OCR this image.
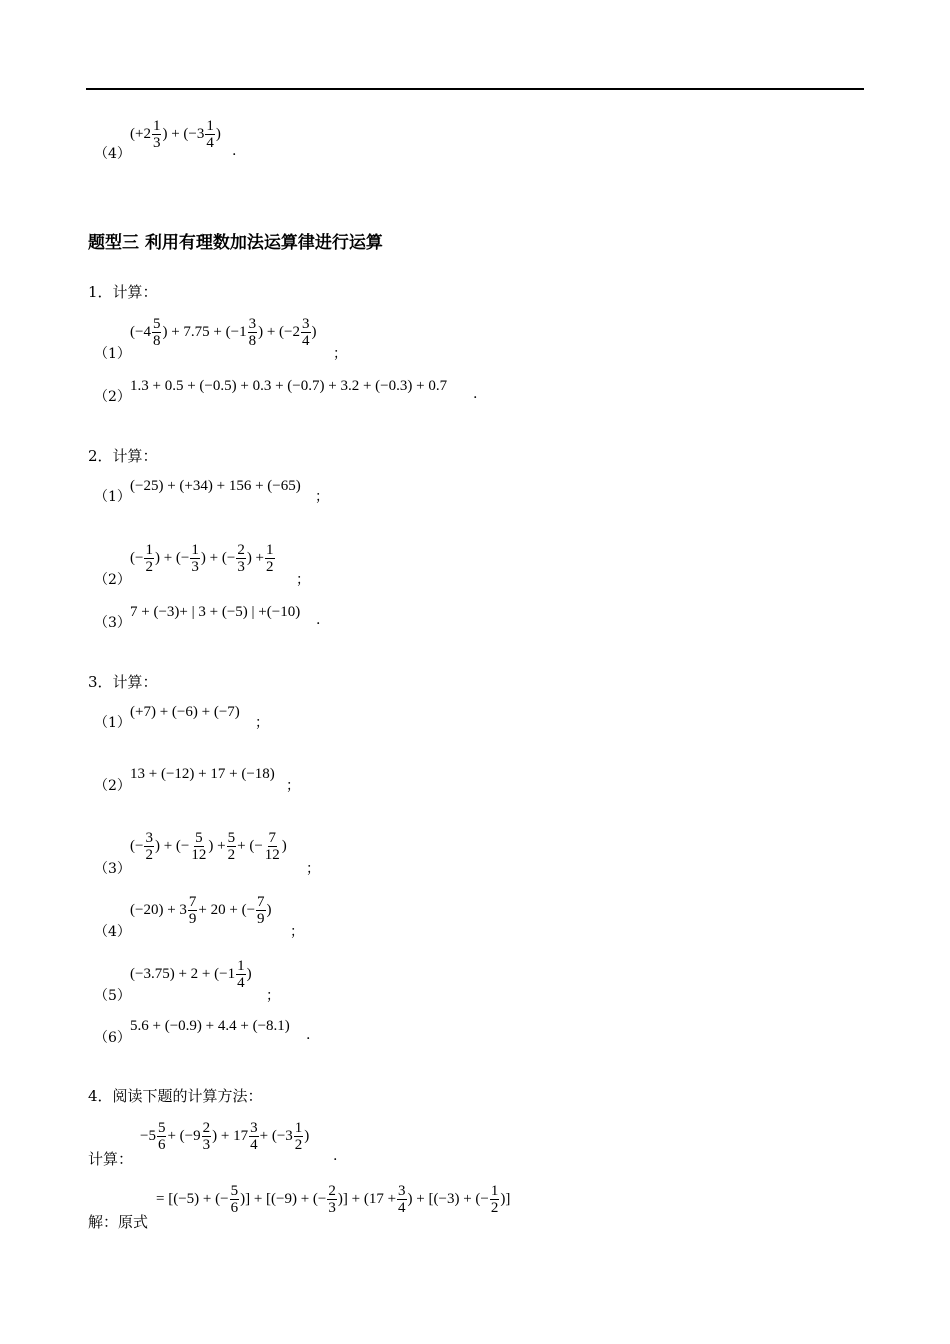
（4）
($+2 \frac{1}{3}$ ) + ($-3 \frac{1}{4}$ )
.
题型三 利用有理数加法运算律进行运算
1．计算：
（1）
($-4 \frac{5}{8}$ ) + $7.75 + (-1 \frac{3}{8}$ ) + ($-2 \frac{3}{4}$ )
；
（2）
1.3 + 0.5 + (−0.5) + 0.3 + (−0.7) + 3.2 + (−0.3) + 0.7 .
2．计算：
（1）
(−25) + (+34) + 156 + (−65)
；
（2）
(− $\frac{1}{2}$ ) + (− $\frac{1}{3}$ ) + (− $\frac{2}{3}$ ) + $\frac{1}{2}$
；
（3）
7 + (−3)+ | 3 + (−5) | +(−10) .
3．计算：
（1）
(+7) + (−6) + (−7)
；
（2）
13 + (−12) + 17 + (−18)
；
（3）
(− $\frac{3}{2}$ ) + (− $\frac{5}{12}$ ) + $\frac{5}{2}$ + (− $\frac{7}{12}$ )
；
（4）
$(-20) + 3 \frac{7}{9} + 20$ + (− $\frac{7}{9}$ )
；
（5）
$(-3.75) + 2 + (-1 \frac{1}{4}$ )
；
（6）
5.6 + (−0.9) + 4.4 + (−8.1)
.
4．阅读下题的计算方法：
计算：
$-5 \frac{5}{6} + (-9 \frac{2}{3}$ ) + $17 \frac{3}{4} + (-3 \frac{1}{2}$ )
.
解：原式
= [(−5) + (− $\frac{5}{6}$ )] + [(−9) + (− $\frac{2}{3}$ )] + ($17 + \frac{3}{4}$ ) + [(−3) + (− $\frac{1}{2}$ )]
